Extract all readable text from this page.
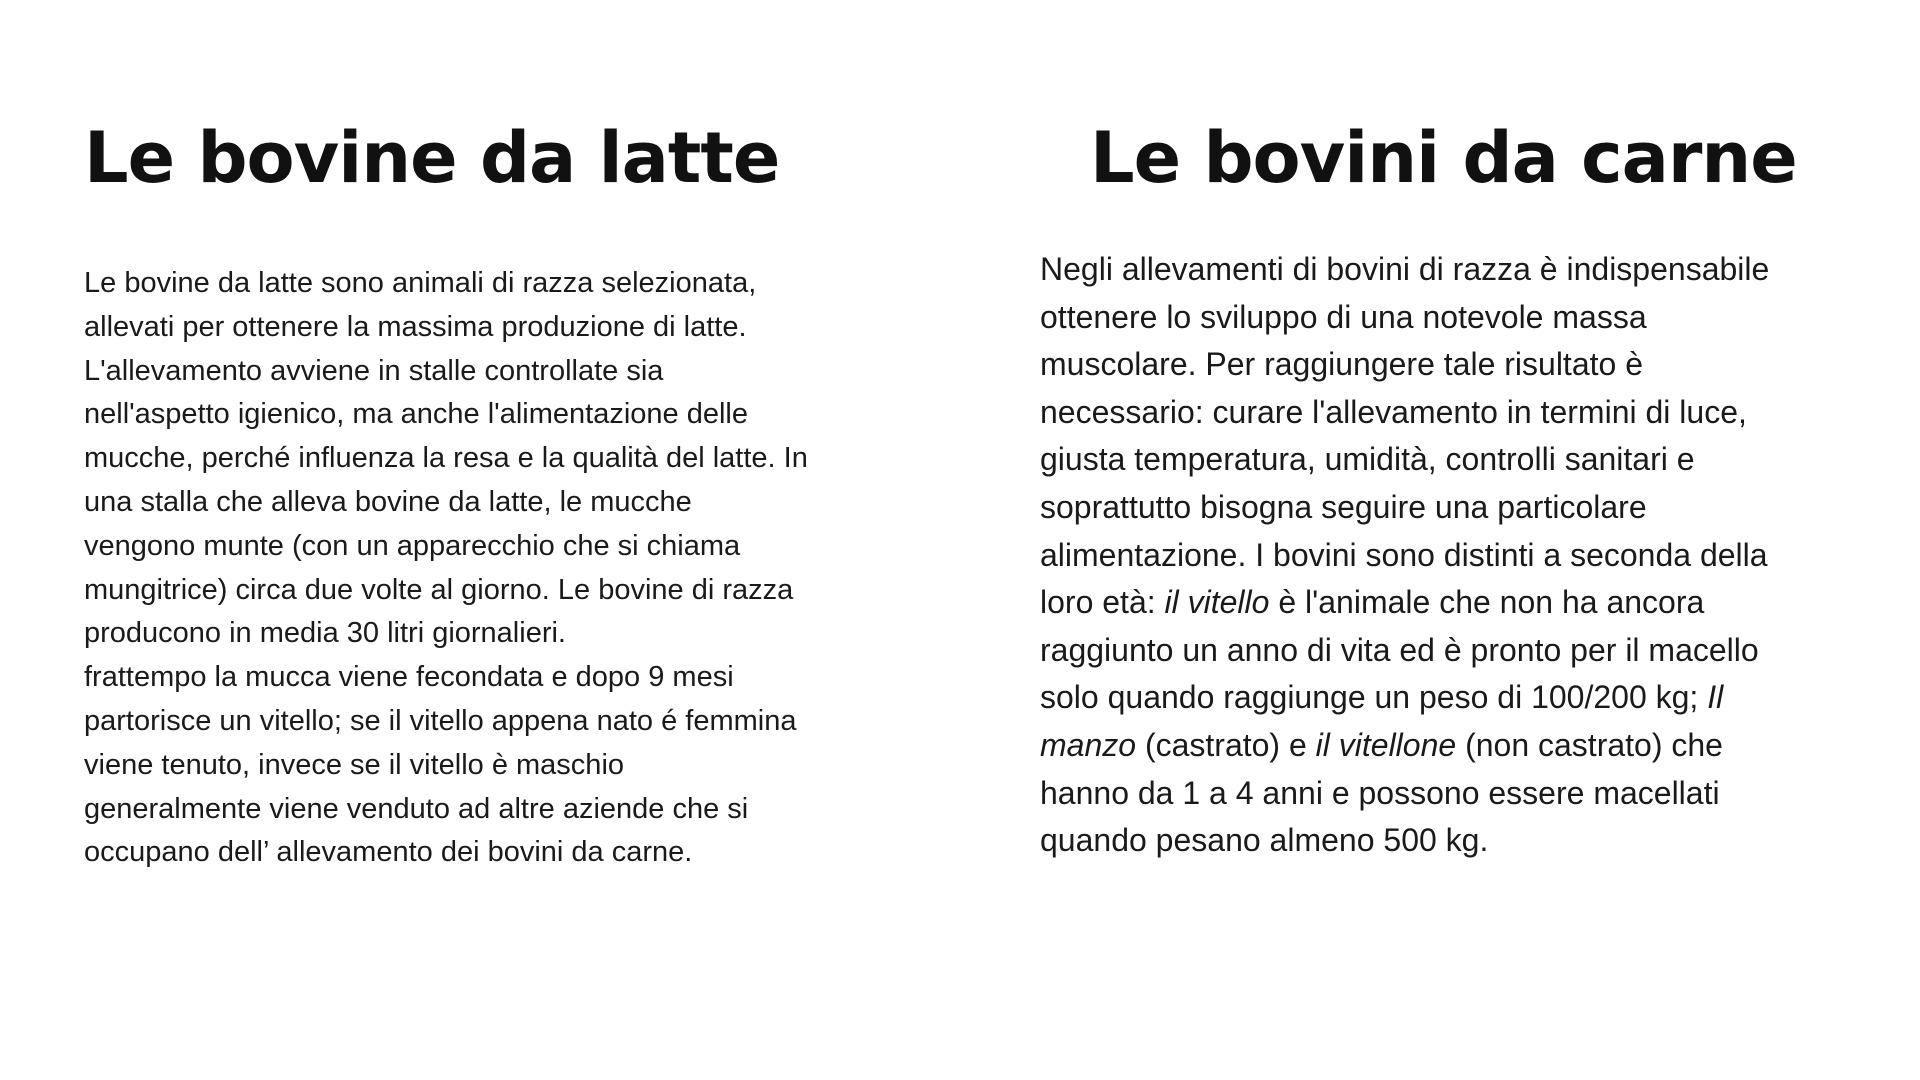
Le bovine da latte

Le bovine da latte sono animali di razza selezionata,
allevati per ottenere la massima produzione di latte.
L'allevamento avviene in stalle controllate sia
nell'aspetto igienico, ma anche l'alimentazione delle
mucche, perché influenza la resa e la qualità del latte. In
una stalla che alleva bovine da latte, le mucche
vengono munte (con un apparecchio che si chiama
mungitrice) circa due volte al giorno. Le bovine di razza
producono in media 30 litri giornalieri.
frattempo la mucca viene fecondata e dopo 9 mesi
partorisce un vitello; se il vitello appena nato é femmina
viene tenuto, invece se il vitello è maschio
generalmente viene venduto ad altre aziende che si
occupano dell’ allevamento dei bovini da carne.

Le bovini da carne

Negli allevamenti di bovini di razza è indispensabile
ottenere lo sviluppo di una notevole massa
muscolare. Per raggiungere tale risultato è
necessario: curare l'allevamento in termini di luce,
giusta temperatura, umidità, controlli sanitari e
soprattutto bisogna seguire una particolare
alimentazione. I bovini sono distinti a seconda della
loro età: il vitello è l'animale che non ha ancora
raggiunto un anno di vita ed è pronto per il macello
solo quando raggiunge un peso di 100/200 kg; Il
manzo (castrato) e il vitellone (non castrato) che
hanno da 1 a 4 anni e possono essere macellati
quando pesano almeno 500 kg.
